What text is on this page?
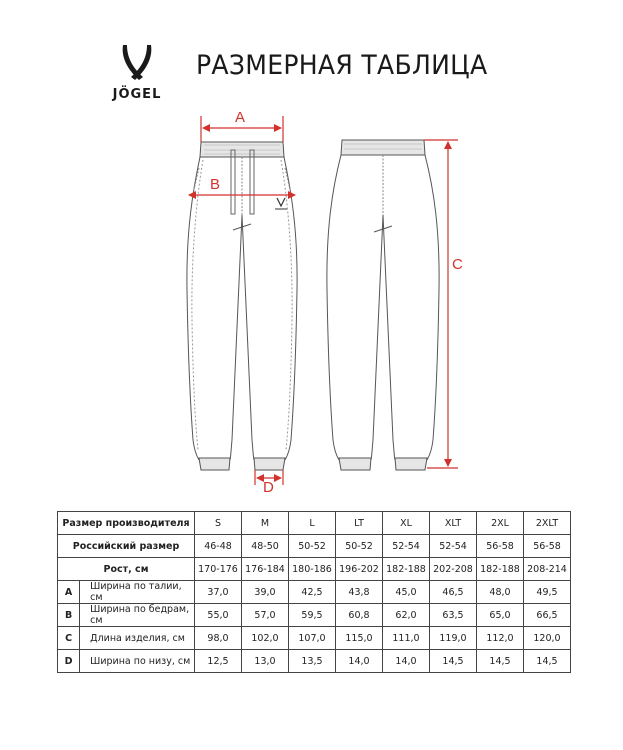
JÖGEL
РАЗМЕРНАЯ ТАБЛИЦА
A
B
C
D
Размер производителя		S	M	L	LT	XL	XLT	2XL	2XLT
Российский размер		46-48	48-50	50-52	50-52	52-54	52-54	56-58	56-58
Рост, см		170-176	176-184	180-186	196-202	182-188	202-208	182-188	208-214
A	Ширина по талии, см	37,0	39,0	42,5	43,8	45,0	46,5	48,0	49,5
B	Ширина по бедрам, см	55,0	57,0	59,5	60,8	62,0	63,5	65,0	66,5
C	Длина изделия, см	98,0	102,0	107,0	115,0	111,0	119,0	112,0	120,0
D	Ширина по низу, см	12,5	13,0	13,5	14,0	14,0	14,5	14,5	14,5
